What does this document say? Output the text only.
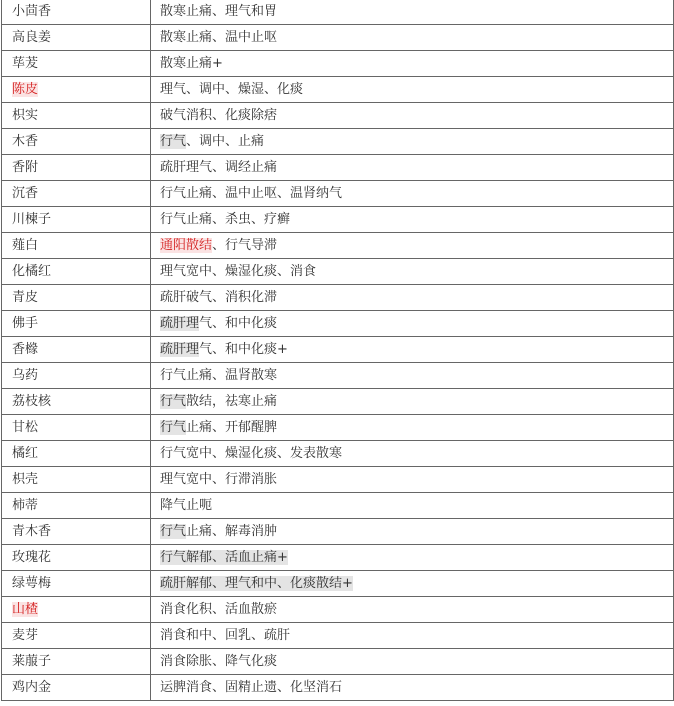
小茴香	散寒止痛、理气和胃
高良姜	散寒止痛、温中止呕
荜茇	散寒止痛+
陈皮	理气、调中、燥湿、化痰
枳实	破气消积、化痰除痞
木香	行气、调中、止痛
香附	疏肝理气、调经止痛
沉香	行气止痛、温中止呕、温肾纳气
川楝子	行气止痛、杀虫、疗癣
薤白	通阳散结、行气导滞
化橘红	理气宽中、燥湿化痰、消食
青皮	疏肝破气、消积化滞
佛手	疏肝理气、和中化痰
香橼	疏肝理气、和中化痰+
乌药	行气止痛、温肾散寒
荔枝核	行气散结，祛寒止痛
甘松	行气止痛、开郁醒脾
橘红	行气宽中、燥湿化痰、发表散寒
枳壳	理气宽中、行滞消胀
柿蒂	降气止呃
青木香	行气止痛、解毒消肿
玫瑰花	行气解郁、活血止痛+
绿萼梅	疏肝解郁、理气和中、化痰散结+
山楂	消食化积、活血散瘀
麦芽	消食和中、回乳、疏肝
莱菔子	消食除胀、降气化痰
鸡内金	运脾消食、固精止遗、化坚消石
